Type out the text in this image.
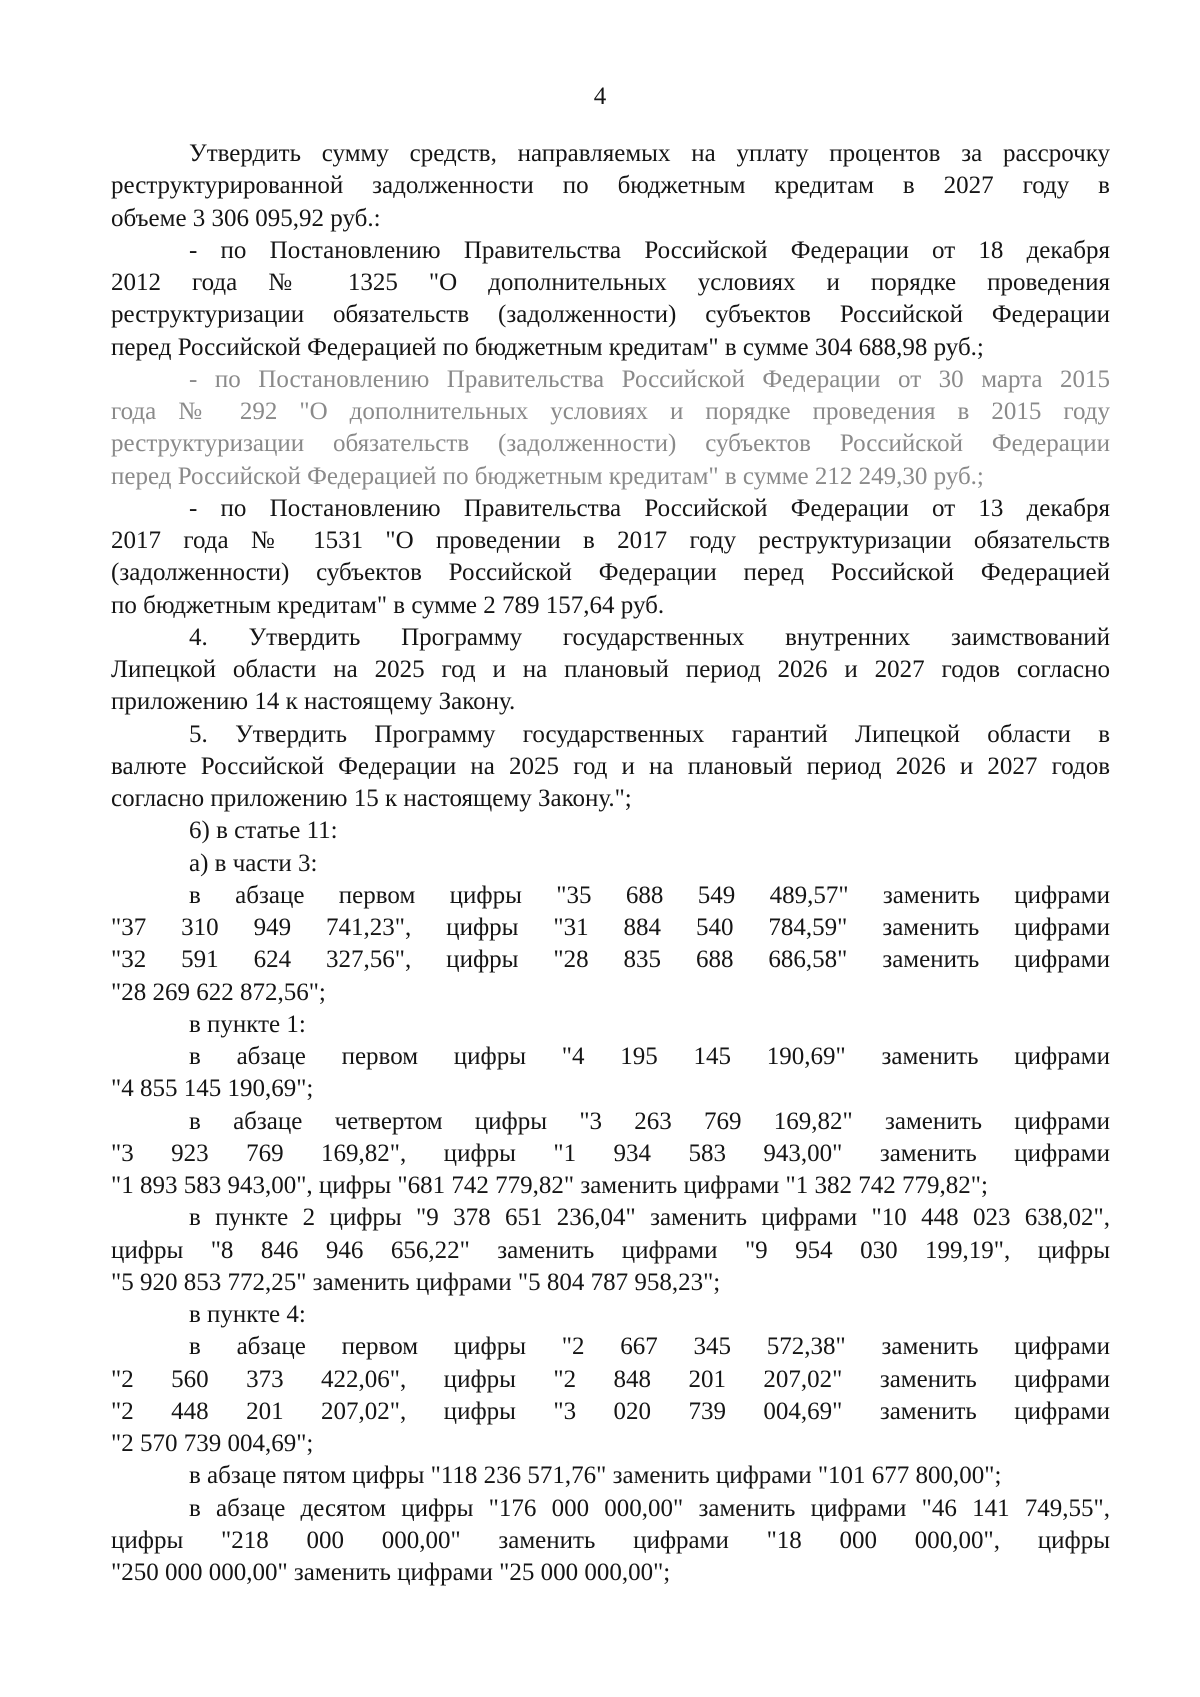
4
Утвердить сумму средств, направляемых на уплату процентов за рассрочку
реструктурированной задолженности по бюджетным кредитам в 2027 году в
объеме 3 306 095,92 руб.:
- по Постановлению Правительства Российской Федерации от 18 декабря
2012 года № 1325 "О дополнительных условиях и порядке проведения
реструктуризации обязательств (задолженности) субъектов Российской Федерации
перед Российской Федерацией по бюджетным кредитам" в сумме 304 688,98 руб.;
- по Постановлению Правительства Российской Федерации от 30 марта 2015
года № 292 "О дополнительных условиях и порядке проведения в 2015 году
реструктуризации обязательств (задолженности) субъектов Российской Федерации
перед Российской Федерацией по бюджетным кредитам" в сумме 212 249,30 руб.;
- по Постановлению Правительства Российской Федерации от 13 декабря
2017 года № 1531 "О проведении в 2017 году реструктуризации обязательств
(задолженности) субъектов Российской Федерации перед Российской Федерацией
по бюджетным кредитам" в сумме 2 789 157,64 руб.
4. Утвердить Программу государственных внутренних заимствований
Липецкой области на 2025 год и на плановый период 2026 и 2027 годов согласно
приложению 14 к настоящему Закону.
5. Утвердить Программу государственных гарантий Липецкой области в
валюте Российской Федерации на 2025 год и на плановый период 2026 и 2027 годов
согласно приложению 15 к настоящему Закону.";
6) в статье 11:
а) в части 3:
в абзаце первом цифры "35 688 549 489,57" заменить цифрами
"37 310 949 741,23", цифры "31 884 540 784,59" заменить цифрами
"32 591 624 327,56", цифры "28 835 688 686,58" заменить цифрами
"28 269 622 872,56";
в пункте 1:
в абзаце первом цифры "4 195 145 190,69" заменить цифрами
"4 855 145 190,69";
в абзаце четвертом цифры "3 263 769 169,82" заменить цифрами
"3 923 769 169,82", цифры "1 934 583 943,00" заменить цифрами
"1 893 583 943,00", цифры "681 742 779,82" заменить цифрами "1 382 742 779,82";
в пункте 2 цифры "9 378 651 236,04" заменить цифрами "10 448 023 638,02",
цифры "8 846 946 656,22" заменить цифрами "9 954 030 199,19", цифры
"5 920 853 772,25" заменить цифрами "5 804 787 958,23";
в пункте 4:
в абзаце первом цифры "2 667 345 572,38" заменить цифрами
"2 560 373 422,06", цифры "2 848 201 207,02" заменить цифрами
"2 448 201 207,02", цифры "3 020 739 004,69" заменить цифрами
"2 570 739 004,69";
в абзаце пятом цифры "118 236 571,76" заменить цифрами "101 677 800,00";
в абзаце десятом цифры "176 000 000,00" заменить цифрами "46 141 749,55",
цифры "218 000 000,00" заменить цифрами "18 000 000,00", цифры
"250 000 000,00" заменить цифрами "25 000 000,00";
